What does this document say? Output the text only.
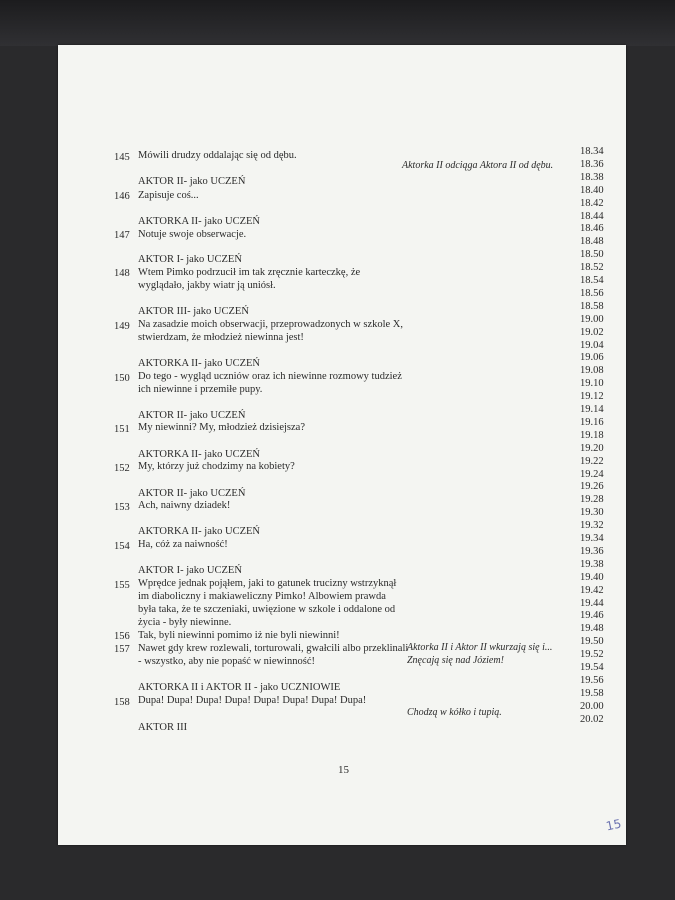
145 Mówili drudzy oddalając się od dębu.
AKTOR II- jako UCZEŃ
146 Zapisuje coś...
AKTORKA II- jako UCZEŃ
147 Notuje swoje obserwacje.
AKTOR I- jako UCZEŃ
148 Wtem Pimko podrzucił im tak zręcznie karteczkę, że
wyglądało, jakby wiatr ją uniósł.
AKTOR III- jako UCZEŃ
149 Na zasadzie moich obserwacji, przeprowadzonych w szkole X,
stwierdzam, że młodzież niewinna jest!
AKTORKA II- jako UCZEŃ
150 Do tego - wygląd uczniów oraz ich niewinne rozmowy tudzież
ich niewinne i przemiłe pupy.
AKTOR II- jako UCZEŃ
151 My niewinni? My, młodzież dzisiejsza?
AKTORKA II- jako UCZEŃ
152 My, którzy już chodzimy na kobiety?
AKTOR II- jako UCZEŃ
153 Ach, naiwny dziadek!
AKTORKA II- jako UCZEŃ
154 Ha, cóż za naiwność!
AKTOR I- jako UCZEŃ
155 Wprędce jednak pojąłem, jaki to gatunek trucizny wstrzyknął
im diaboliczny i makiaweliczny Pimko! Albowiem prawda
była taka, że te szczeniaki, uwięzione w szkole i oddalone od
życia - były niewinne.
156 Tak, byli niewinni pomimo iż nie byli niewinni!
157 Nawet gdy krew rozlewali, torturowali, gwałcili albo przeklinali
- wszystko, aby nie popaść w niewinność!
AKTORKA II i AKTOR II - jako UCZNIOWIE
158 Dupa! Dupa! Dupa! Dupa! Dupa! Dupa! Dupa! Dupa!
AKTOR III
Aktorka II odciąga Aktora II od dębu.
Aktorka II i Aktor II wkurzają się i...
Znęcają się nad Józiem!
Chodzą w kółko i tupią.
18.34
18.36
18.38
18.40
18.42
18.44
18.46
18.48
18.50
18.52
18.54
18.56
18.58
19.00
19.02
19.04
19.06
19.08
19.10
19.12
19.14
19.16
19.18
19.20
19.22
19.24
19.26
19.28
19.30
19.32
19.34
19.36
19.38
19.40
19.42
19.44
19.46
19.48
19.50
19.52
19.54
19.56
19.58
20.00
20.02
15
15
